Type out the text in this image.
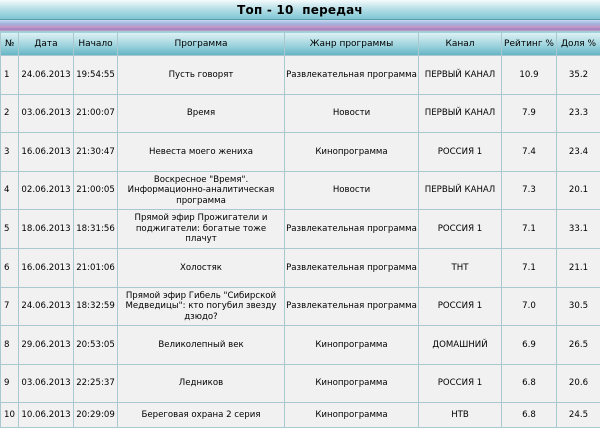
Топ - 10  передач
№	Дата	Начало	Программа	Жанр программы	Канал	Рейтинг %	Доля %
1	24.06.2013	19:54:55	Пусть говорят	Развлекательная программа	ПЕРВЫЙ КАНАЛ	10.9	35.2
2	03.06.2013	21:00:07	Время	Новости	ПЕРВЫЙ КАНАЛ	7.9	23.3
3	16.06.2013	21:30:47	Невеста моего жениха	Кинопрограмма	РОССИЯ 1	7.4	23.4
4	02.06.2013	21:00:05	Воскресное "Время". Информационно-аналитическая программа	Новости	ПЕРВЫЙ КАНАЛ	7.3	20.1
5	18.06.2013	18:31:56	Прямой эфир Прожигатели и поджигатели: богатые тоже плачут	Развлекательная программа	РОССИЯ 1	7.1	33.1
6	16.06.2013	21:01:06	Холостяк	Развлекательная программа	ТНТ	7.1	21.1
7	24.06.2013	18:32:59	Прямой эфир Гибель "Сибирской Медведицы": кто погубил звезду дзюдо?	Развлекательная программа	РОССИЯ 1	7.0	30.5
8	29.06.2013	20:53:05	Великолепный век	Кинопрограмма	ДОМАШНИЙ	6.9	26.5
9	03.06.2013	22:25:37	Ледников	Кинопрограмма	РОССИЯ 1	6.8	20.6
10	10.06.2013	20:29:09	Береговая охрана 2 серия	Кинопрограмма	НТВ	6.8	24.5
